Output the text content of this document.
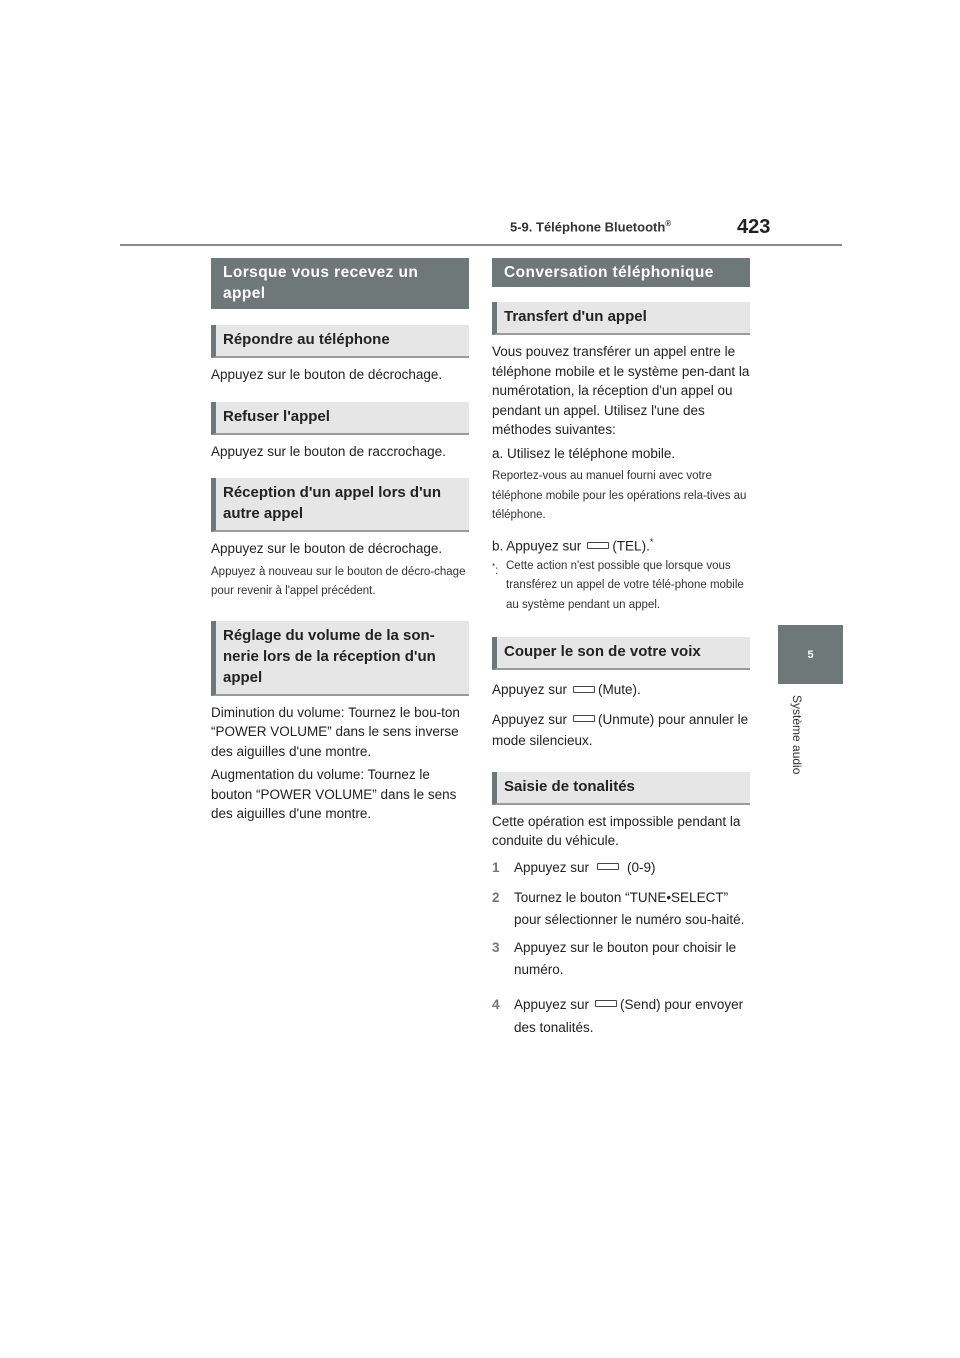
5-9. Téléphone Bluetooth®	423
5
Système audio
Lorsque vous recevez un appel
Répondre au téléphone

Appuyez sur le bouton de décrochage.

Refuser l'appel

Appuyez sur le bouton de raccrochage.

Réception d'un appel lors d'un autre appel

Appuyez sur le bouton de décrochage.

Appuyez à nouveau sur le bouton de décro-chage pour revenir à l'appel précédent.

Réglage du volume de la son-nerie lors de la réception d'un appel

Diminution du volume: Tournez le bou-ton “POWER VOLUME” dans le sens inverse des aiguilles d'une montre.

Augmentation du volume: Tournez le bouton “POWER VOLUME” dans le sens des aiguilles d'une montre.

Conversation téléphonique
Transfert d'un appel

Vous pouvez transférer un appel entre le téléphone mobile et le système pen-dant la numérotation, la réception d'un appel ou pendant un appel. Utilisez l'une des méthodes suivantes:

a. Utilisez le téléphone mobile.

Reportez-vous au manuel fourni avec votre téléphone mobile pour les opérations rela-tives au téléphone.

b. Appuyez sur (TEL).*

*: Cette action n'est possible que lorsque vous transférez un appel de votre télé-phone mobile au système pendant un appel.
Couper le son de votre voix

Appuyez sur (Mute).

Appuyez sur (Unmute) pour annuler le mode silencieux.

Saisie de tonalités

Cette opération est impossible pendant la conduite du véhicule.

1	Appuyez sur	(0-9)
2	Tournez le bouton “TUNE•SELECT” pour sélectionner le numéro sou-haité.
3	Appuyez sur le bouton pour choisir le numéro.
4	Appuyez sur (Send) pour envoyer des tonalités.
